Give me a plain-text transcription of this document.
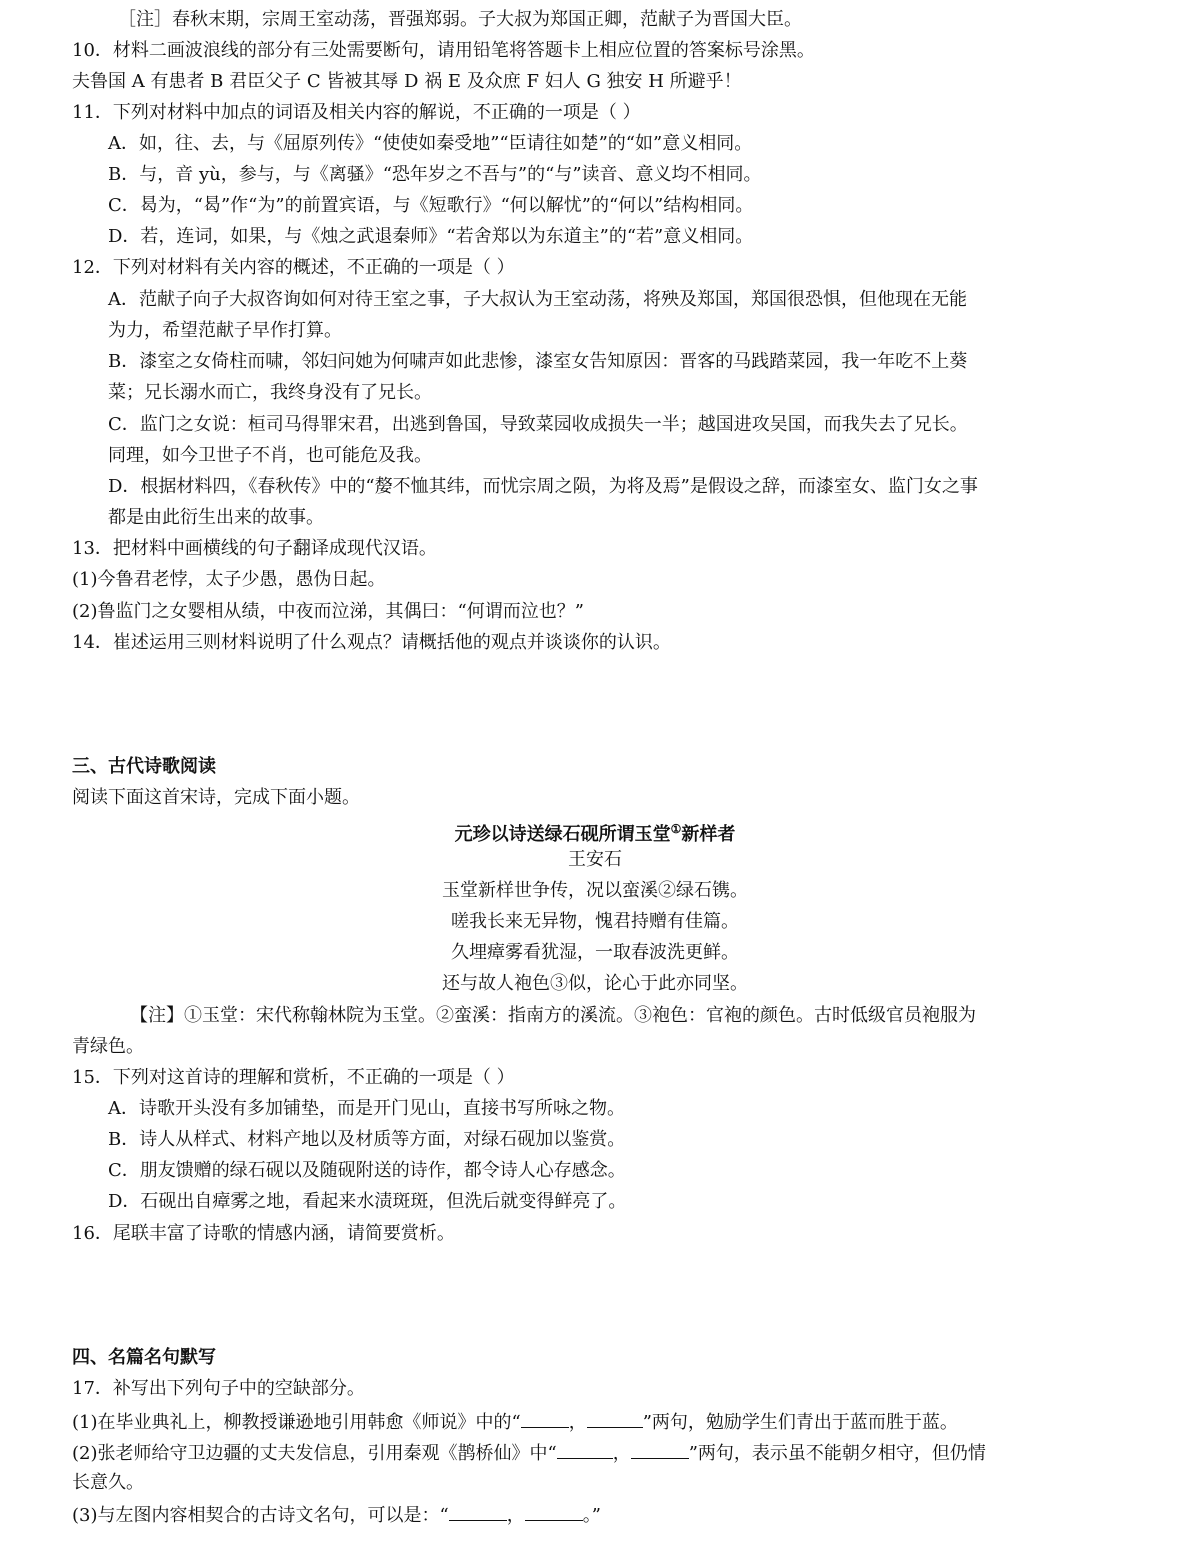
［注］春秋末期，宗周王室动荡，晋强郑弱。子大叔为郑国正卿，范献子为晋国大臣。
10．材料二画波浪线的部分有三处需要断句，请用铅笔将答题卡上相应位置的答案标号涂黑。
夫鲁国 A 有患者 B 君臣父子 C 皆被其辱 D 祸 E 及众庶 F 妇人 G 独安 H 所避乎！
11．下列对材料中加点的词语及相关内容的解说，不正确的一项是（ ）
A．如，往、去，与《屈原列传》“使使如秦受地”“臣请往如楚”的“如”意义相同。
B．与，音 yù，参与，与《离骚》“恐年岁之不吾与”的“与”读音、意义均不相同。
C．曷为，“曷”作“为”的前置宾语，与《短歌行》“何以解忧”的“何以”结构相同。
D．若，连词，如果，与《烛之武退秦师》“若舍郑以为东道主”的“若”意义相同。
12．下列对材料有关内容的概述，不正确的一项是（ ）
A．范献子向子大叔咨询如何对待王室之事，子大叔认为王室动荡，将殃及郑国，郑国很恐惧，但他现在无能
为力，希望范献子早作打算。
B．漆室之女倚柱而啸，邻妇问她为何啸声如此悲惨，漆室女告知原因：晋客的马践踏菜园，我一年吃不上葵
菜；兄长溺水而亡，我终身没有了兄长。
C．监门之女说：桓司马得罪宋君，出逃到鲁国，导致菜园收成损失一半；越国进攻吴国，而我失去了兄长。
同理，如今卫世子不肖，也可能危及我。
D．根据材料四，《春秋传》中的“嫠不恤其纬，而忧宗周之陨，为将及焉”是假设之辞，而漆室女、监门女之事
都是由此衍生出来的故事。
13．把材料中画横线的句子翻译成现代汉语。
(1)今鲁君老悖，太子少愚，愚伪日起。
(2)鲁监门之女婴相从绩，中夜而泣涕，其偶曰：“何谓而泣也？”
14．崔述运用三则材料说明了什么观点？请概括他的观点并谈谈你的认识。
三、古代诗歌阅读
阅读下面这首宋诗，完成下面小题。
元珍以诗送绿石砚所谓玉堂①新样者
王安石
玉堂新样世争传，况以蛮溪②绿石镌。
嗟我长来无异物，愧君持赠有佳篇。
久埋瘴雾看犹湿，一取春波洗更鲜。
还与故人袍色③似，论心于此亦同坚。
【注】①玉堂：宋代称翰林院为玉堂。②蛮溪：指南方的溪流。③袍色：官袍的颜色。古时低级官员袍服为
青绿色。
15．下列对这首诗的理解和赏析，不正确的一项是（ ）
A．诗歌开头没有多加铺垫，而是开门见山，直接书写所咏之物。
B．诗人从样式、材料产地以及材质等方面，对绿石砚加以鉴赏。
C．朋友馈赠的绿石砚以及随砚附送的诗作，都令诗人心存感念。
D．石砚出自瘴雾之地，看起来水渍斑斑，但洗后就变得鲜亮了。
16．尾联丰富了诗歌的情感内涵，请简要赏析。
四、名篇名句默写
17．补写出下列句子中的空缺部分。
(1)在毕业典礼上，柳教授谦逊地引用韩愈《师说》中的“	，	”两句，勉励学生们青出于蓝而胜于蓝。
(2)张老师给守卫边疆的丈夫发信息，引用秦观《鹊桥仙》中“	，	”两句，表示虽不能朝夕相守，但仍情
长意久。
(3)与左图内容相契合的古诗文名句，可以是：“	，	。”
